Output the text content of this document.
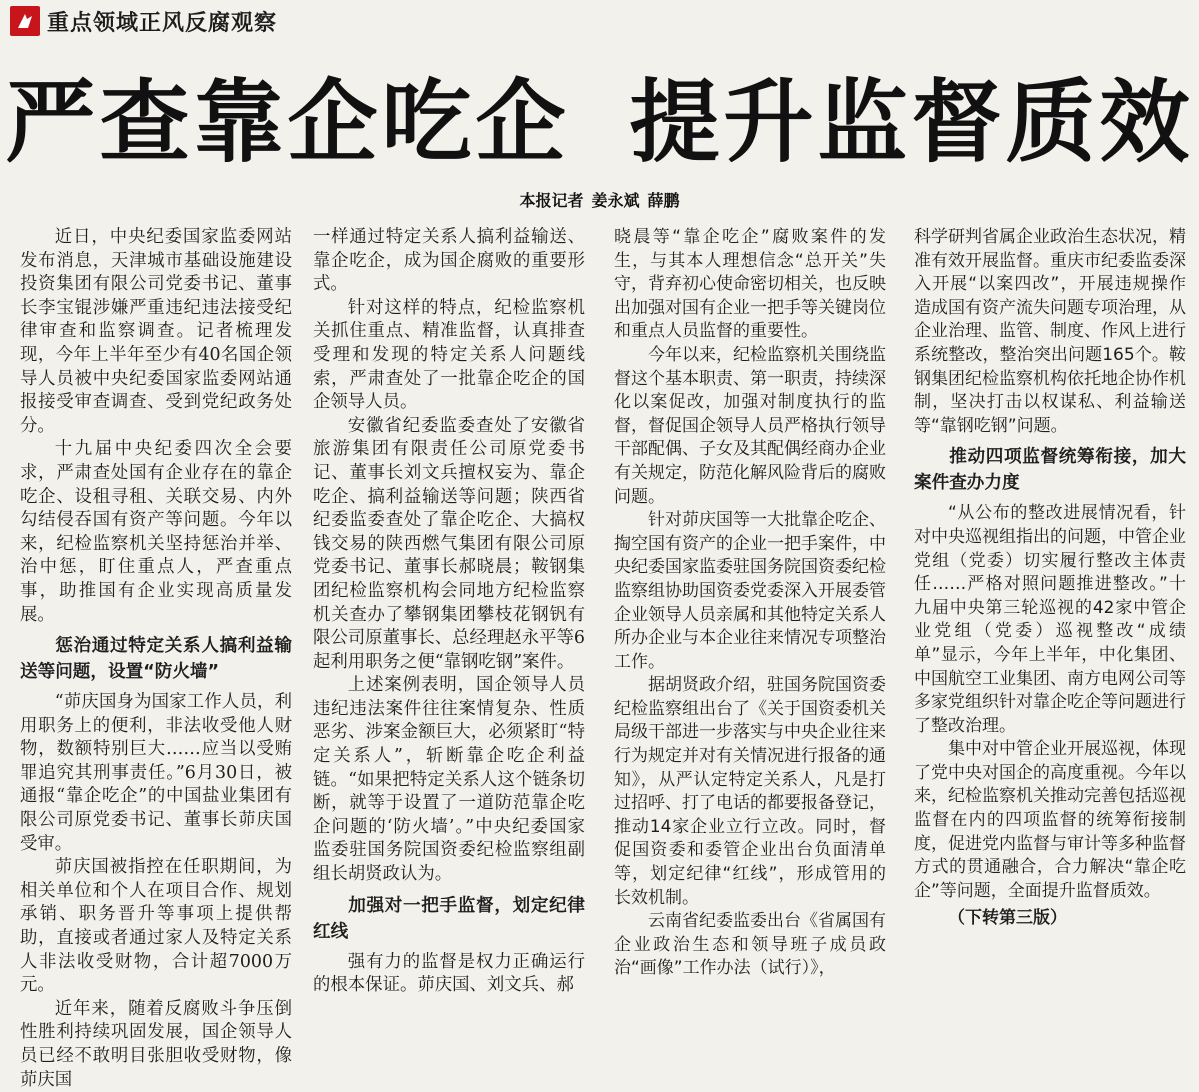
重点领域正风反腐观察
严查靠企吃企 提升监督质效
本报记者 姜永斌 薛鹏

近日，中央纪委国家监委网站发布消息，天津城市基础设施建设投资集团有限公司党委书记、董事长李宝锟涉嫌严重违纪违法接受纪律审查和监察调查。记者梳理发现，今年上半年至少有40名国企领导人员被中央纪委国家监委网站通报接受审查调查、受到党纪政务处分。

十九届中央纪委四次全会要求，严肃查处国有企业存在的靠企吃企、设租寻租、关联交易、内外勾结侵吞国有资产等问题。今年以来，纪检监察机关坚持惩治并举、治中惩，盯住重点人，严查重点事，助推国有企业实现高质量发展。

惩治通过特定关系人搞利益输送等问题，设置“防火墙”

“茆庆国身为国家工作人员，利用职务上的便利，非法收受他人财物，数额特别巨大……应当以受贿罪追究其刑事责任。”6月30日，被通报“靠企吃企”的中国盐业集团有限公司原党委书记、董事长茆庆国受审。

茆庆国被指控在任职期间，为相关单位和个人在项目合作、规划承销、职务晋升等事项上提供帮助，直接或者通过家人及特定关系人非法收受财物，合计超7000万元。

近年来，随着反腐败斗争压倒性胜利持续巩固发展，国企领导人员已经不敢明目张胆收受财物，像茆庆国

一样通过特定关系人搞利益输送、靠企吃企，成为国企腐败的重要形式。

针对这样的特点，纪检监察机关抓住重点、精准监督，认真排查受理和发现的特定关系人问题线索，严肃查处了一批靠企吃企的国企领导人员。

安徽省纪委监委查处了安徽省旅游集团有限责任公司原党委书记、董事长刘文兵擅权妄为、靠企吃企、搞利益输送等问题；陕西省纪委监委查处了靠企吃企、大搞权钱交易的陕西燃气集团有限公司原党委书记、董事长郝晓晨；鞍钢集团纪检监察机构会同地方纪检监察机关查办了攀钢集团攀枝花钢钒有限公司原董事长、总经理赵永平等6起利用职务之便“靠钢吃钢”案件。

上述案例表明，国企领导人员违纪违法案件往往案情复杂、性质恶劣、涉案金额巨大，必须紧盯“特定关系人”，斩断靠企吃企利益链。“如果把特定关系人这个链条切断，就等于设置了一道防范靠企吃企问题的‘防火墙’。”中央纪委国家监委驻国务院国资委纪检监察组副组长胡贤政认为。

加强对一把手监督，划定纪律红线

强有力的监督是权力正确运行的根本保证。茆庆国、刘文兵、郝

晓晨等“靠企吃企”腐败案件的发生，与其本人理想信念“总开关”失守，背弃初心使命密切相关，也反映出加强对国有企业一把手等关键岗位和重点人员监督的重要性。

今年以来，纪检监察机关围绕监督这个基本职责、第一职责，持续深化以案促改，加强对制度执行的监督，督促国企领导人员严格执行领导干部配偶、子女及其配偶经商办企业有关规定，防范化解风险背后的腐败问题。

针对茆庆国等一大批靠企吃企、掏空国有资产的企业一把手案件，中央纪委国家监委驻国务院国资委纪检监察组协助国资委党委深入开展委管企业领导人员亲属和其他特定关系人所办企业与本企业往来情况专项整治工作。

据胡贤政介绍，驻国务院国资委纪检监察组出台了《关于国资委机关局级干部进一步落实与中央企业往来行为规定并对有关情况进行报备的通知》，从严认定特定关系人，凡是打过招呼、打了电话的都要报备登记，推动14家企业立行立改。同时，督促国资委和委管企业出台负面清单等，划定纪律“红线”，形成管用的长效机制。

云南省纪委监委出台《省属国有企业政治生态和领导班子成员政治“画像”工作办法（试行）》，

科学研判省属企业政治生态状况，精准有效开展监督。重庆市纪委监委深入开展“以案四改”，开展违规操作造成国有资产流失问题专项治理，从企业治理、监管、制度、作风上进行系统整改，整治突出问题165个。鞍钢集团纪检监察机构依托地企协作机制，坚决打击以权谋私、利益输送等“靠钢吃钢”问题。

推动四项监督统筹衔接，加大案件查办力度

“从公布的整改进展情况看，针对中央巡视组指出的问题，中管企业党组（党委）切实履行整改主体责任……严格对照问题推进整改。”十九届中央第三轮巡视的42家中管企业党组（党委）巡视整改“成绩单”显示，今年上半年，中化集团、中国航空工业集团、南方电网公司等多家党组织针对靠企吃企等问题进行了整改治理。

集中对中管企业开展巡视，体现了党中央对国企的高度重视。今年以来，纪检监察机关推动完善包括巡视监督在内的四项监督的统筹衔接制度，促进党内监督与审计等多种监督方式的贯通融合，合力解决“靠企吃企”等问题，全面提升监督质效。

（下转第三版）
